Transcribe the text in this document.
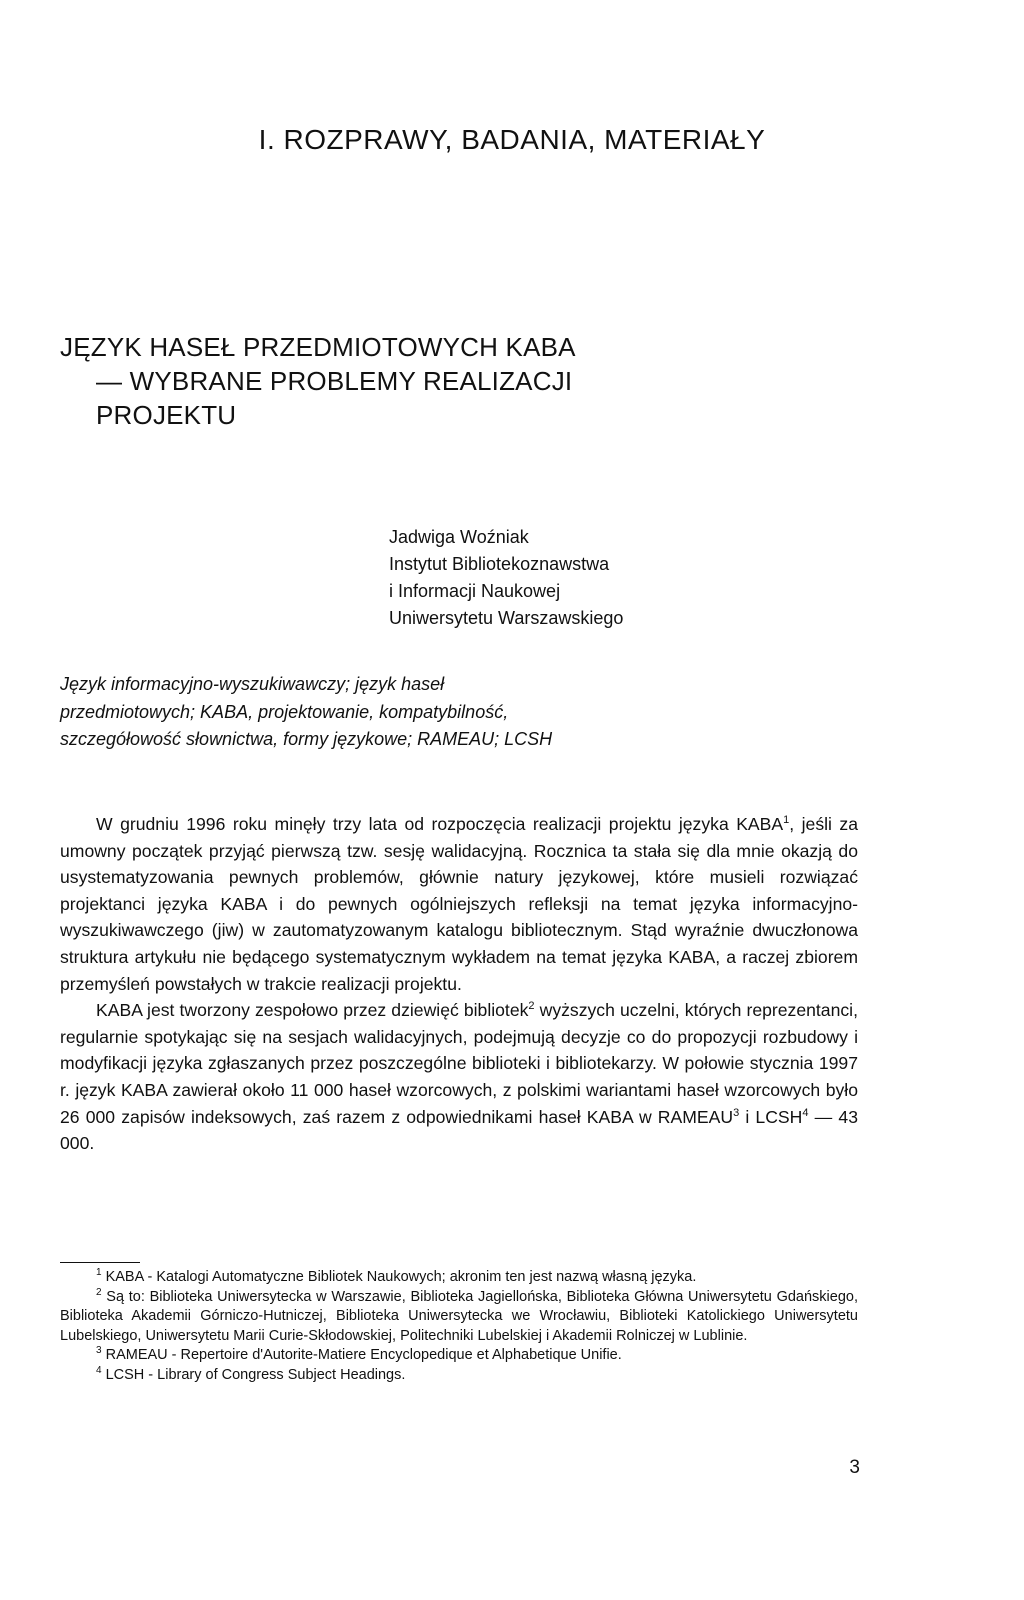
I. ROZPRAWY, BADANIA, MATERIAŁY
JĘZYK HASEŁ PRZEDMIOTOWYCH KABA
— WYBRANE PROBLEMY REALIZACJI
PROJEKTU
Jadwiga Woźniak
Instytut Bibliotekoznawstwa
i Informacji Naukowej
Uniwersytetu Warszawskiego

Język informacyjno-wyszukiwawczy; język haseł przedmiotowych; KABA, projektowanie, kompatybilność, szczegółowość słownictwa, formy językowe; RAMEAU; LCSH

W grudniu 1996 roku minęły trzy lata od rozpoczęcia realizacji projektu języka KABA$^1$, jeśli za umowny początek przyjąć pierwszą tzw. sesję walidacyjną. Rocznica ta stała się dla mnie okazją do usystematyzowania pewnych problemów, głównie natury językowej, które musieli rozwiązać projektanci języka KABA i do pewnych ogólniejszych refleksji na temat języka informacyjno-wyszukiwawczego (jiw) w zautomatyzowanym katalogu bibliotecznym. Stąd wyraźnie dwuczłonowa struktura artykułu nie będącego systematycznym wykładem na temat języka KABA, a raczej zbiorem przemyśleń powstałych w trakcie realizacji projektu.

KABA jest tworzony zespołowo przez dziewięć bibliotek$^2$ wyższych uczelni, których reprezentanci, regularnie spotykając się na sesjach walidacyjnych, podejmują decyzje co do propozycji rozbudowy i modyfikacji języka zgłaszanych przez poszczególne biblioteki i bibliotekarzy. W połowie stycznia 1997 r. język KABA zawierał około 11 000 haseł wzorcowych, z polskimi wariantami haseł wzorcowych było 26 000 zapisów indeksowych, zaś razem z odpowiednikami haseł KABA w RAMEAU$^3$ i LCSH$^4$ — 43 000.

$^1$ KABA - Katalogi Automatyczne Bibliotek Naukowych; akronim ten jest nazwą własną języka.

$^2$ Są to: Biblioteka Uniwersytecka w Warszawie, Biblioteka Jagiellońska, Biblioteka Główna Uniwersytetu Gdańskiego, Biblioteka Akademii Górniczo-Hutniczej, Biblioteka Uniwersytecka we Wrocławiu, Biblioteki Katolickiego Uniwersytetu Lubelskiego, Uniwersytetu Marii Curie-Skłodowskiej, Politechniki Lubelskiej i Akademii Rolniczej w Lublinie.

$^3$ RAMEAU - Repertoire d'Autorite-Matiere Encyclopedique et Alphabetique Unifie.

$^4$ LCSH - Library of Congress Subject Headings.

3
